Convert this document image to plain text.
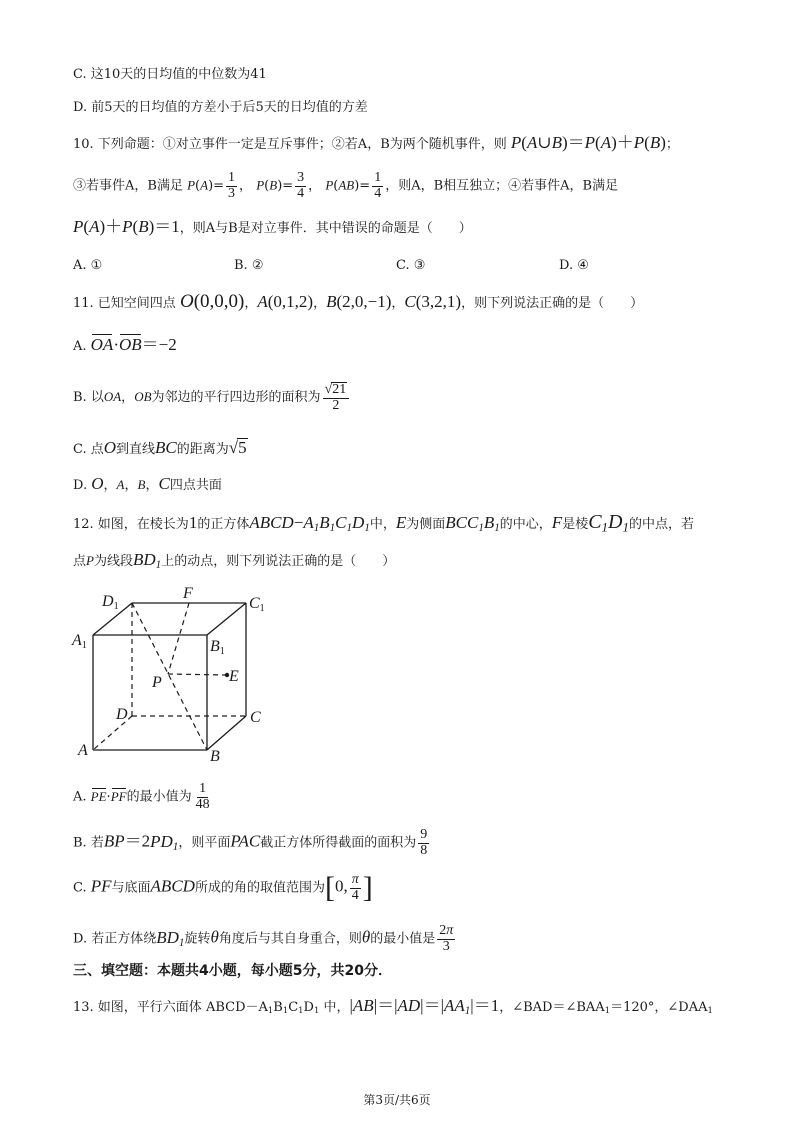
C. 这10天的日均值的中位数为41
D. 前5天的日均值的方差小于后5天的日均值的方差
10. 下列命题：①对立事件一定是互斥事件；②若A，B为两个随机事件，则 P(A∪B)＝P(A)＋P(B)；
③若事件A，B满足 $P(A)= \frac{1}{3}$ ， $P(B)= \frac{3}{4}$ ， $P(AB)= \frac{1}{4}$ ，则A，B相互独立；④若事件A，B满足
P(A)＋P(B)＝1，则A与B是对立事件．其中错误的命题是（　　）
A. ①	B. ②	C. ③	D. ④
11. 已知空间四点 O(0,0,0)，A(0,1,2)，B(2,0,−1)，C(3,2,1)，则下列说法正确的是（　　）
A. OA·OB＝−2
B. 以OA，OB为邻边的平行四边形的面积为 $\frac{√21}{2}$
C. 点O到直线BC的距离为√5
D. O，A，B，C四点共面
12. 如图，在棱长为1的正方体$ABCD-A_1B_1C_1D_1$中，E为侧面$BCC_1B_1$的中心，F是棱$C_1D_1$的中点，若
点P为线段$BD_1$上的动点，则下列说法正确的是（　　）
D1
F
C1
A1	B1
P	E
D	C
A	B
A. PE·PF的最小值为 $\frac{1}{48}$
B. 若$BP=2PD_1$，则平面PAC截正方体所得截面的面积为 $\frac{9}{8}$
C. PF与底面ABCD所成的角的取值范围为[0, $\frac{\pi}{4}$ ]
D. 若正方体绕$BD_1$旋转θ角度后与其自身重合，则θ的最小值是 $\frac{2\pi}{3}$
三、填空题：本题共4小题，每小题5分，共20分．
13. 如图，平行六面体 $ABCD-A_1B_1C_1D_1$ 中，$|AB|=|AD|=|AA_1|=1$，$\angle BAD=\angle BAA_1=120^\circ$，$\angle DAA_1$
第3页/共6页
